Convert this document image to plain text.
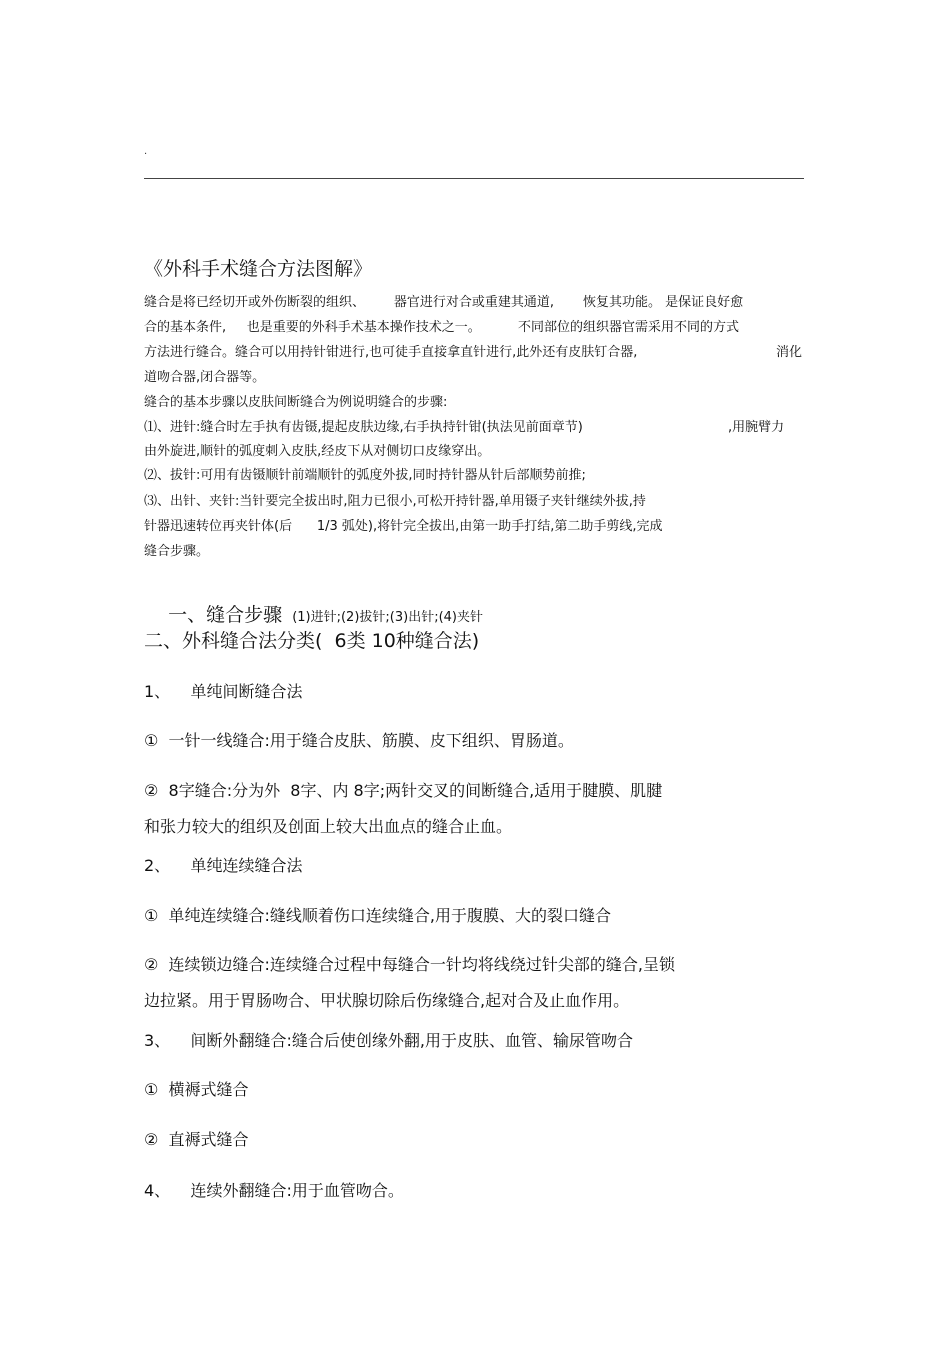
.
《外科手术缝合方法图解》
缝合是将已经切开或外伤断裂的组织、       器官进行对合或重建其通道,       恢复其功能。 是保证良好愈
合的基本条件,     也是重要的外科手术基本操作技术之一。         不同部位的组织器官需采用不同的方式
方法进行缝合。缝合可以用持针钳进行,也可徒手直接拿直针进行,此外还有皮肤钉合器,	消化
道吻合器,闭合器等。
缝合的基本步骤以皮肤间断缝合为例说明缝合的步骤:
⑴、进针:缝合时左手执有齿镊,提起皮肤边缘,右手执持针钳(执法见前面章节)	,用腕臂力
由外旋进,顺针的弧度刺入皮肤,经皮下从对侧切口皮缘穿出。
⑵、拔针:可用有齿镊顺针前端顺针的弧度外拔,同时持针器从针后部顺势前推;
⑶、出针、夹针:当针要完全拔出时,阻力已很小,可松开持针器,单用镊子夹针继续外拔,持
针器迅速转位再夹针体(后      1/3 弧处),将针完全拔出,由第一助手打结,第二助手剪线,完成
缝合步骤。

一、缝合步骤 (1)进针;(2)拔针;(3)出针;(4)夹针

二、外科缝合法分类(  6类 10种缝合法)
1、    单纯间断缝合法
①  一针一线缝合:用于缝合皮肤、筋膜、皮下组织、胃肠道。
②  8字缝合:分为外  8字、内 8字;两针交叉的间断缝合,适用于腱膜、肌腱
和张力较大的组织及创面上较大出血点的缝合止血。
2、    单纯连续缝合法
①  单纯连续缝合:缝线顺着伤口连续缝合,用于腹膜、大的裂口缝合
②  连续锁边缝合:连续缝合过程中每缝合一针均将线绕过针尖部的缝合,呈锁
边拉紧。用于胃肠吻合、甲状腺切除后伤缘缝合,起对合及止血作用。
3、    间断外翻缝合:缝合后使创缘外翻,用于皮肤、血管、输尿管吻合
①  横褥式缝合
②  直褥式缝合
4、    连续外翻缝合:用于血管吻合。
